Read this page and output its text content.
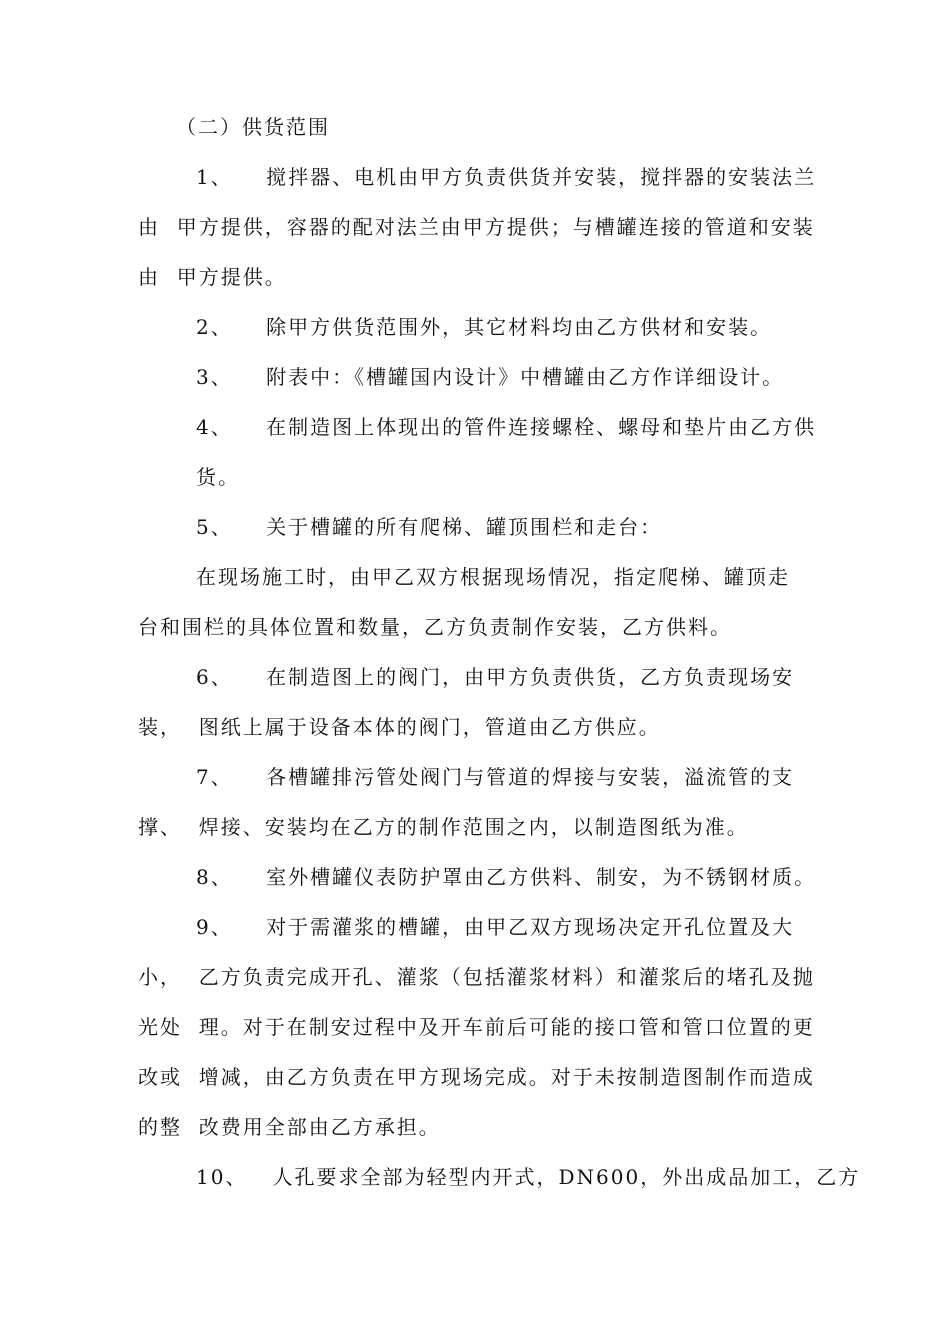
（二）供货范围
1、    搅拌器、电机由甲方负责供货并安装，搅拌器的安装法兰
由  甲方提供，容器的配对法兰由甲方提供；与槽罐连接的管道和安装
由  甲方提供。
2、    除甲方供货范围外，其它材料均由乙方供材和安装。
3、    附表中：《槽罐国内设计》中槽罐由乙方作详细设计。
4、    在制造图上体现出的管件连接螺栓、螺母和垫片由乙方供
货。
5、    关于槽罐的所有爬梯、罐顶围栏和走台：
在现场施工时，由甲乙双方根据现场情况，指定爬梯、罐顶走
台和围栏的具体位置和数量，乙方负责制作安装，乙方供料。
6、    在制造图上的阀门，由甲方负责供货，乙方负责现场安
装，  图纸上属于设备本体的阀门，管道由乙方供应。
7、    各槽罐排污管处阀门与管道的焊接与安装，溢流管的支
撑、  焊接、安装均在乙方的制作范围之内，以制造图纸为准。
8、    室外槽罐仪表防护罩由乙方供料、制安，为不锈钢材质。
9、    对于需灌浆的槽罐，由甲乙双方现场决定开孔位置及大
小，  乙方负责完成开孔、灌浆（包括灌浆材料）和灌浆后的堵孔及抛
光处  理。对于在制安过程中及开车前后可能的接口管和管口位置的更
改或  增减，由乙方负责在甲方现场完成。对于未按制造图制作而造成
的整  改费用全部由乙方承担。
10、   人孔要求全部为轻型内开式，DN600，外出成品加工，乙方
